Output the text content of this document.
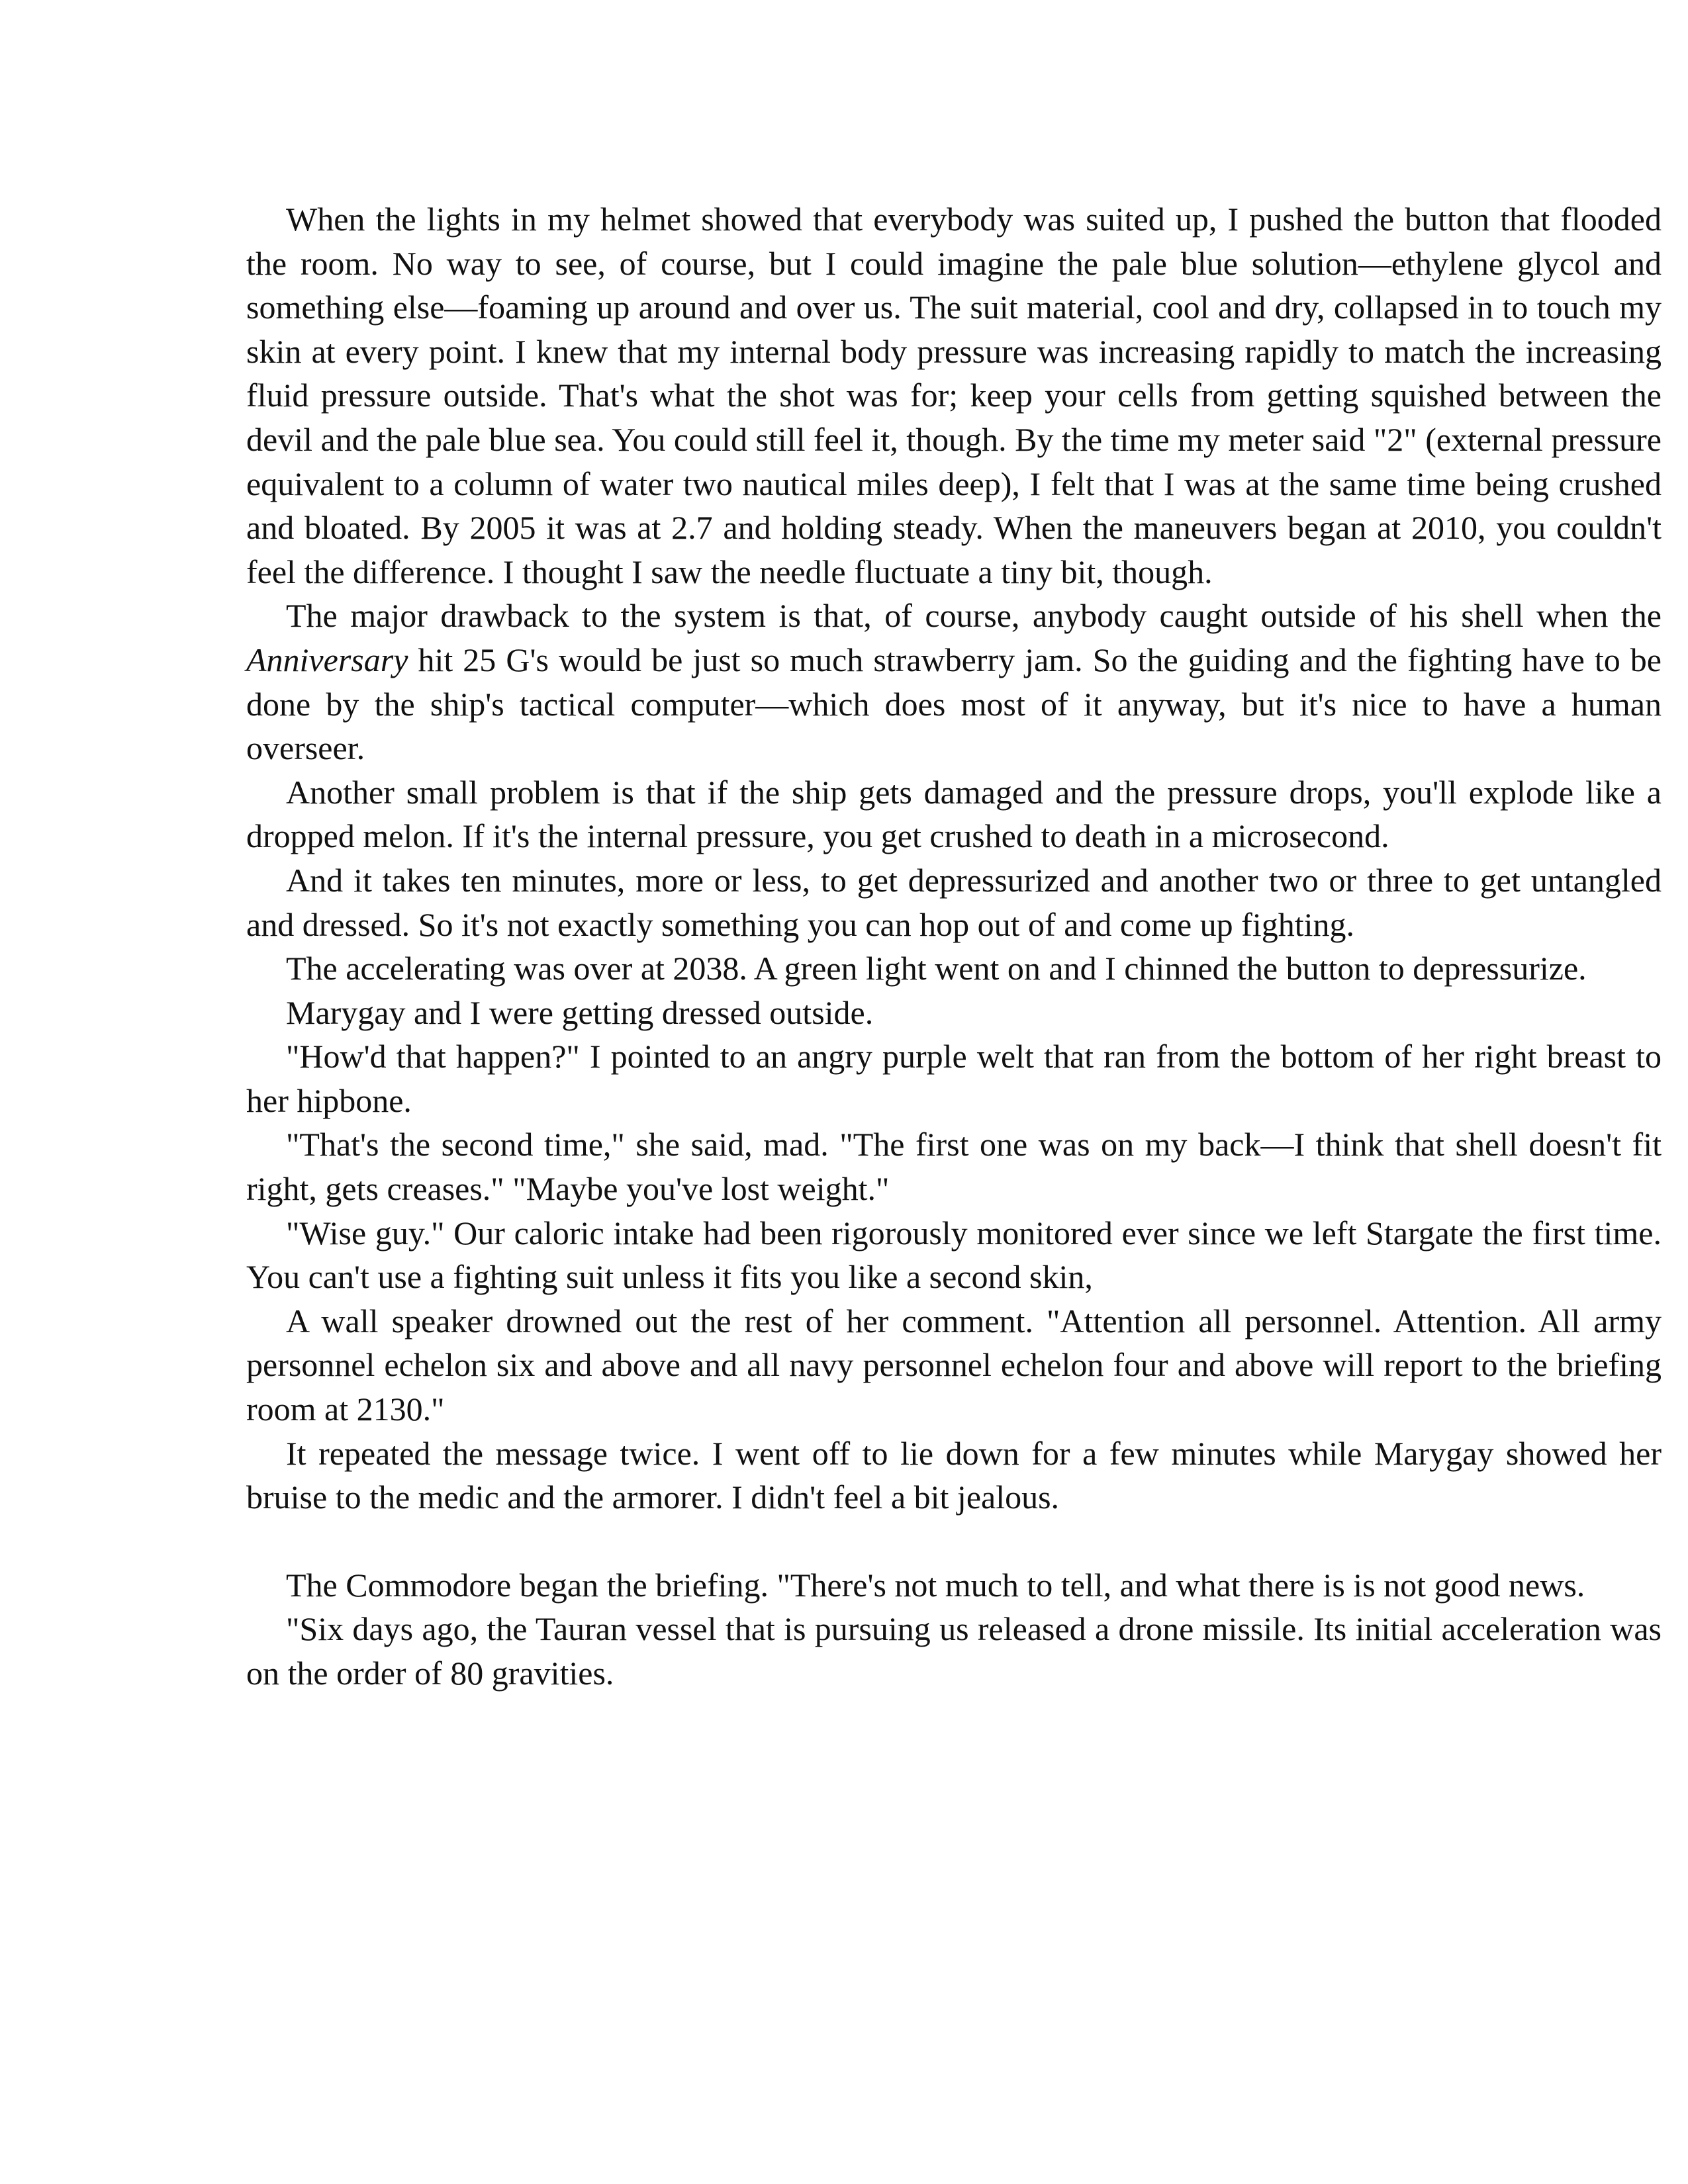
When the lights in my helmet showed that everybody was suited up, I pushed the button that flooded the room. No way to see, of course, but I could imagine the pale blue solution—ethylene glycol and something else—foaming up around and over us. The suit material, cool and dry, collapsed in to touch my skin at every point. I knew that my internal body pressure was increasing rapidly to match the increasing fluid pressure outside. That's what the shot was for; keep your cells from getting squished between the devil and the pale blue sea. You could still feel it, though. By the time my meter said "2" (external pressure equivalent to a column of water two nautical miles deep), I felt that I was at the same time being crushed and bloated. By 2005 it was at 2.7 and holding steady. When the maneuvers began at 2010, you couldn't feel the difference. I thought I saw the needle fluctuate a tiny bit, though.

The major drawback to the system is that, of course, anybody caught outside of his shell when the Anniversary hit 25 G's would be just so much strawberry jam. So the guiding and the fighting have to be done by the ship's tactical computer—which does most of it anyway, but it's nice to have a human overseer.

Another small problem is that if the ship gets damaged and the pressure drops, you'll explode like a dropped melon. If it's the internal pressure, you get crushed to death in a microsecond.

And it takes ten minutes, more or less, to get depressurized and another two or three to get untangled and dressed. So it's not exactly something you can hop out of and come up fighting.

The accelerating was over at 2038. A green light went on and I chinned the button to depressurize.

Marygay and I were getting dressed outside.

"How'd that happen?" I pointed to an angry purple welt that ran from the bottom of her right breast to her hipbone.

"That's the second time," she said, mad. "The first one was on my back—I think that shell doesn't fit right, gets creases." "Maybe you've lost weight."

"Wise guy." Our caloric intake had been rigorously monitored ever since we left Stargate the first time. You can't use a fighting suit unless it fits you like a second skin,

A wall speaker drowned out the rest of her comment. "Attention all personnel. Attention. All army personnel echelon six and above and all navy personnel echelon four and above will report to the briefing room at 2130."

It repeated the message twice. I went off to lie down for a few minutes while Marygay showed her bruise to the medic and the armorer. I didn't feel a bit jealous.

The Commodore began the briefing. "There's not much to tell, and what there is is not good news.

"Six days ago, the Tauran vessel that is pursuing us released a drone missile. Its initial acceleration was on the order of 80 gravities.
